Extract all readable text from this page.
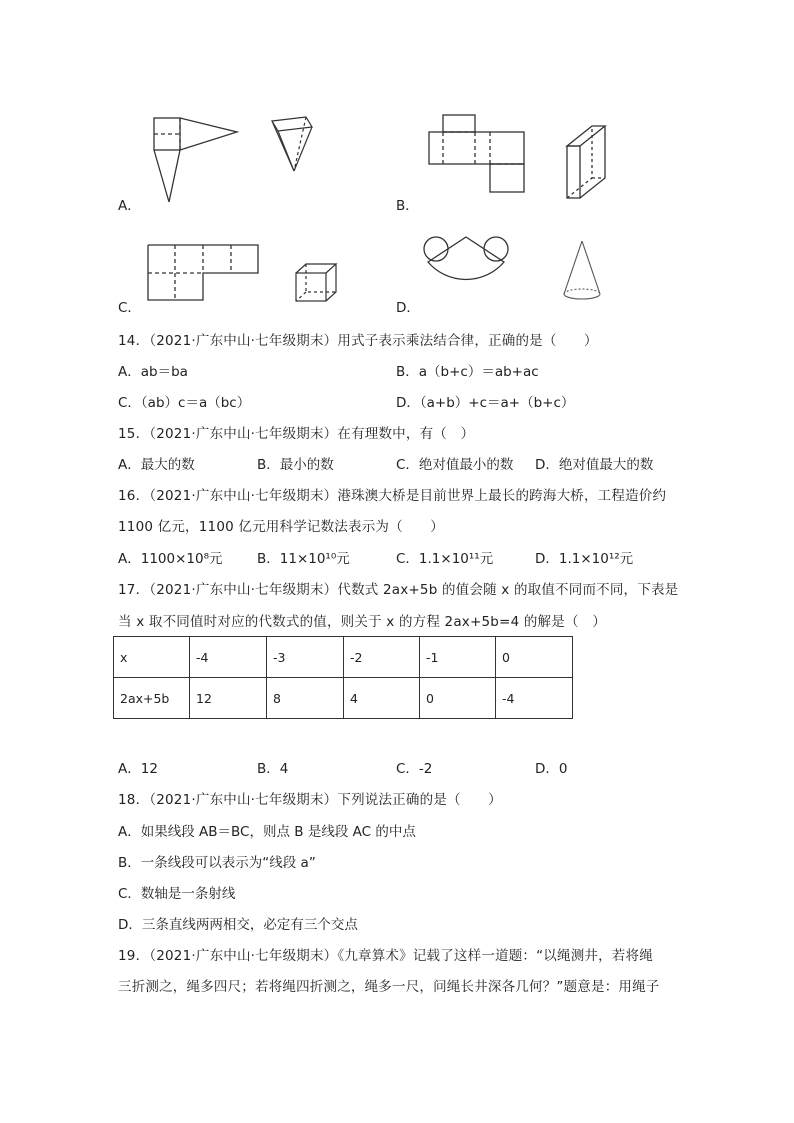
A．	B．
C．	D．
14．（2021·广东中山·七年级期末）用式子表示乘法结合律，正确的是（　　）
A．ab＝ba	B．a（b+c）＝ab+ac
C．（ab）c＝a（bc）	D．（a+b）+c＝a+（b+c）
15．（2021·广东中山·七年级期末）在有理数中，有（　）
A．最大的数	B．最小的数	C．绝对值最小的数 D．绝对值最大的数
16．（2021·广东中山·七年级期末）港珠澳大桥是目前世界上最长的跨海大桥，工程造价约
1100 亿元，1100 亿元用科学记数法表示为（　　）
A．1100×10⁸元	B．11×10¹⁰元	C．1.1×10¹¹元	D．1.1×10¹²元
17．（2021·广东中山·七年级期末）代数式 2ax+5b 的值会随 x 的取值不同而不同，下表是
当 x 取不同值时对应的代数式的值，则关于 x 的方程 2ax+5b=4 的解是（　）
x	-4	-3	-2	-1	0
2ax+5b	12	8	4	0	-4
A．12	B．4	C．-2	D．0
18．（2021·广东中山·七年级期末）下列说法正确的是（　　）
A．如果线段 AB＝BC，则点 B 是线段 AC 的中点
B．一条线段可以表示为“线段 a”
C．数轴是一条射线
D．三条直线两两相交，必定有三个交点
19．（2021·广东中山·七年级期末）《九章算术》记载了这样一道题：“以绳测井，若将绳
三折测之，绳多四尺；若将绳四折测之，绳多一尺，问绳长井深各几何？”题意是：用绳子
